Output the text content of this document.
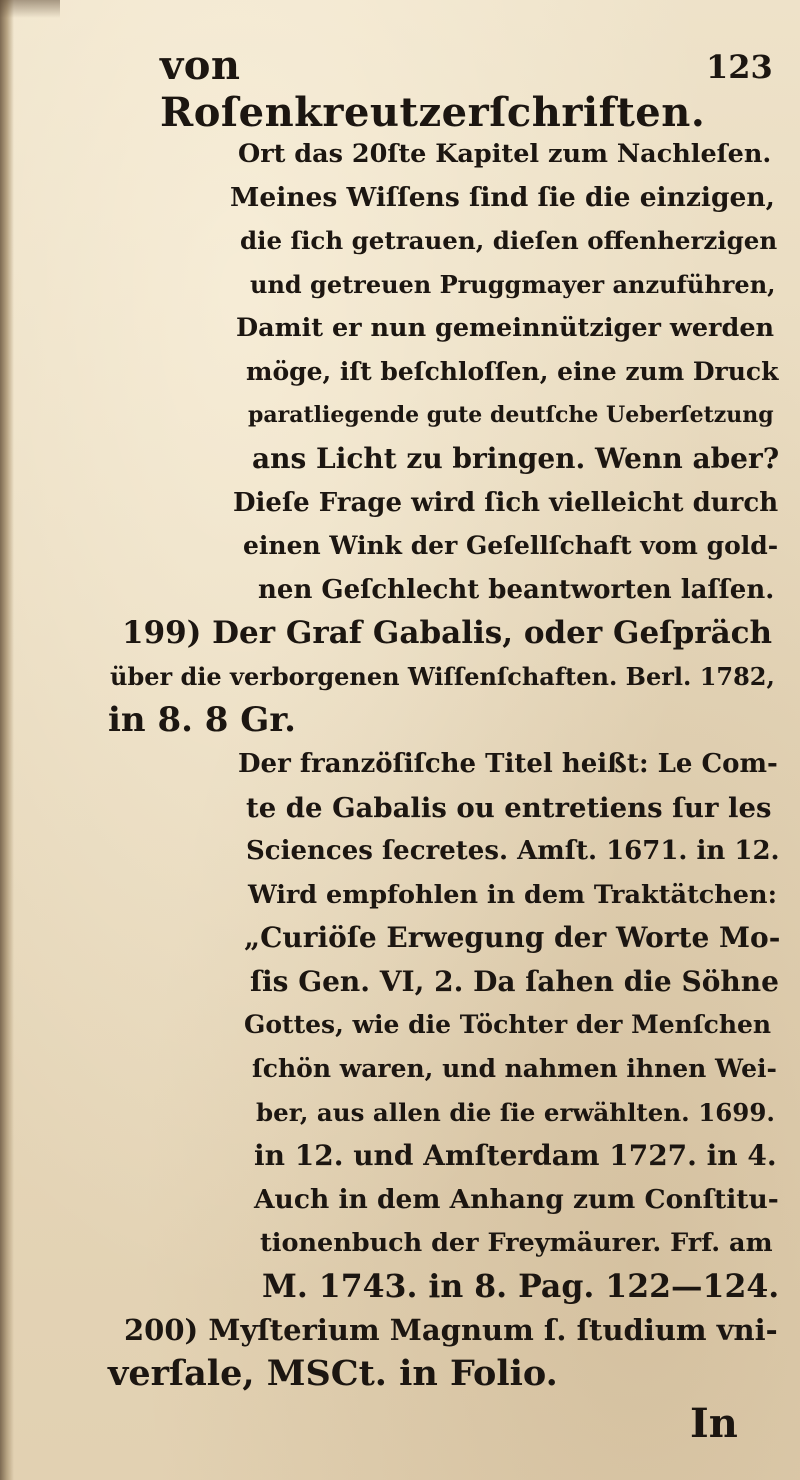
von Roſenkreutzerſchriften.
123
Ort das 20ſte Kapitel zum Nachleſen.
Meines Wiſſens ſind ſie die einzigen,
die ſich getrauen, dieſen offenherzigen
und getreuen Pruggmayer anzuführen,
Damit er nun gemeinnütziger werden
möge, iſt beſchloſſen, eine zum Druck
paratliegende gute deutſche Ueberſetzung
ans Licht zu bringen. Wenn aber?
Dieſe Frage wird ſich vielleicht durch
einen Wink der Geſellſchaft vom gold-
nen Geſchlecht beantworten laſſen.
199) Der Graf Gabalis, oder Geſpräch
über die verborgenen Wiſſenſchaften. Berl. 1782,
in 8. 8 Gr.
Der franzöſiſche Titel heißt: Le Com-
te de Gabalis ou entretiens ſur les
Sciences ſecretes. Amſt. 1671. in 12.
Wird empfohlen in dem Traktätchen:
„Curiöſe Erwegung der Worte Mo-
ſis Gen. VI, 2. Da ſahen die Söhne
Gottes, wie die Töchter der Menſchen
ſchön waren, und nahmen ihnen Wei-
ber, aus allen die ſie erwählten. 1699.
in 12. und Amſterdam 1727. in 4.
Auch in dem Anhang zum Conſtitu-
tionenbuch der Freymäurer. Frf. am
M. 1743. in 8. Pag. 122—124.
200) Myſterium Magnum ſ. ſtudium vni-
verſale, MSCt. in Folio.
In
